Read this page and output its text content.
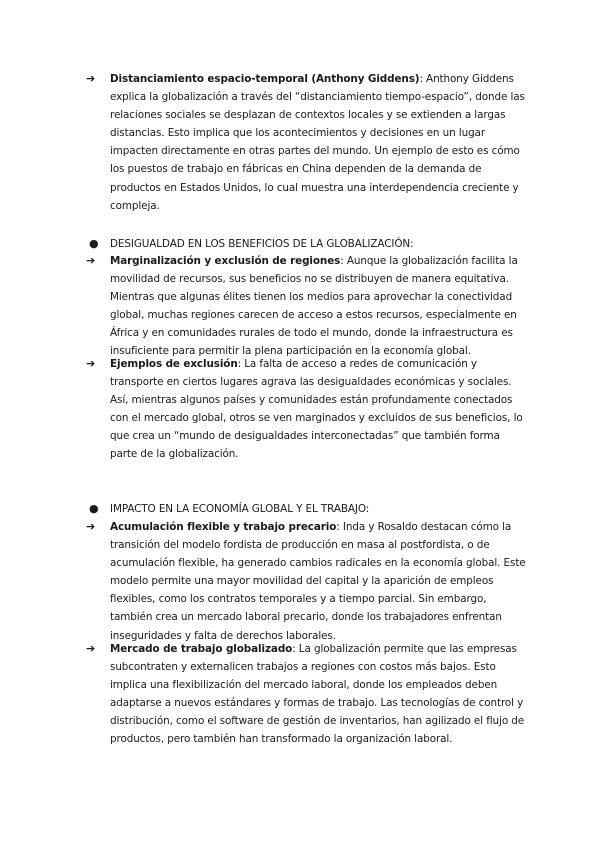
➔	Distanciamiento espacio-temporal (Anthony Giddens): Anthony Giddens explica la globalización a través del “distanciamiento tiempo-espacio”, donde las relaciones sociales se desplazan de contextos locales y se extienden a largas distancias. Esto implica que los acontecimientos y decisiones en un lugar impacten directamente en otras partes del mundo. Un ejemplo de esto es cómo los puestos de trabajo en fábricas en China dependen de la demanda de productos en Estados Unidos, lo cual muestra una interdependencia creciente y compleja.
●	DESIGUALDAD EN LOS BENEFICIOS DE LA GLOBALIZACIÓN:
➔	Marginalización y exclusión de regiones: Aunque la globalización facilita la movilidad de recursos, sus beneficios no se distribuyen de manera equitativa. Mientras que algunas élites tienen los medios para aprovechar la conectividad global, muchas regiones carecen de acceso a estos recursos, especialmente en África y en comunidades rurales de todo el mundo, donde la infraestructura es insuficiente para permitir la plena participación en la economía global.
➔	Ejemplos de exclusión: La falta de acceso a redes de comunicación y transporte en ciertos lugares agrava las desigualdades económicas y sociales. Así, mientras algunos países y comunidades están profundamente conectados con el mercado global, otros se ven marginados y excluidos de sus beneficios, lo que crea un “mundo de desigualdades interconectadas” que también forma parte de la globalización.
●	IMPACTO EN LA ECONOMÍA GLOBAL Y EL TRABAJO:
➔	Acumulación flexible y trabajo precario: Inda y Rosaldo destacan cómo la transición del modelo fordista de producción en masa al postfordista, o de acumulación flexible, ha generado cambios radicales en la economía global. Este modelo permite una mayor movilidad del capital y la aparición de empleos flexibles, como los contratos temporales y a tiempo parcial. Sin embargo, también crea un mercado laboral precario, donde los trabajadores enfrentan inseguridades y falta de derechos laborales.
➔	Mercado de trabajo globalizado: La globalización permite que las empresas subcontraten y externalicen trabajos a regiones con costos más bajos. Esto implica una flexibilización del mercado laboral, donde los empleados deben adaptarse a nuevos estándares y formas de trabajo. Las tecnologías de control y distribución, como el software de gestión de inventarios, han agilizado el flujo de productos, pero también han transformado la organización laboral.
